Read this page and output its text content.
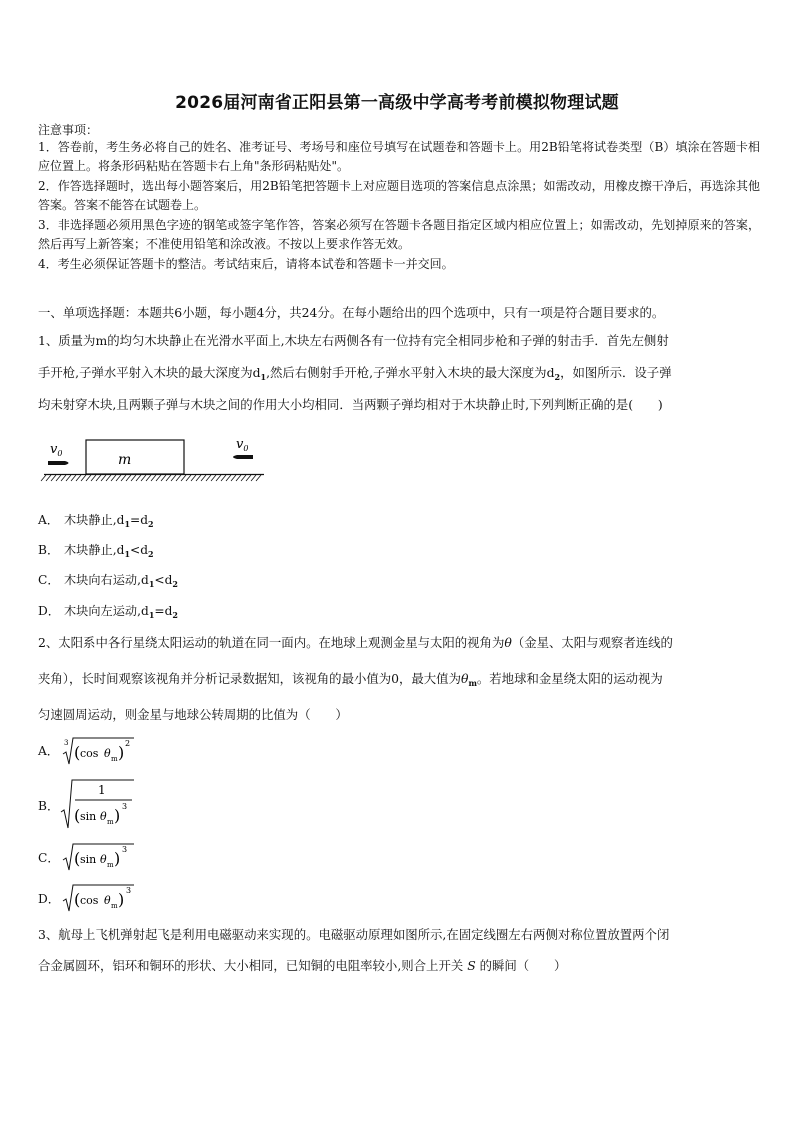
2026届河南省正阳县第一高级中学高考考前模拟物理试题
注意事项：
1．答卷前，考生务必将自己的姓名、准考证号、考场号和座位号填写在试题卷和答题卡上。用2B铅笔将试卷类型（B）填涂在答题卡相应位置上。将条形码粘贴在答题卡右上角"条形码粘贴处"。
2．作答选择题时，选出每小题答案后，用2B铅笔把答题卡上对应题目选项的答案信息点涂黑；如需改动，用橡皮擦干净后，再选涂其他答案。答案不能答在试题卷上。
3．非选择题必须用黑色字迹的钢笔或签字笔作答，答案必须写在答题卡各题目指定区域内相应位置上；如需改动，先划掉原来的答案，然后再写上新答案；不准使用铅笔和涂改液。不按以上要求作答无效。
4．考生必须保证答题卡的整洁。考试结束后，请将本试卷和答题卡一并交回。
一、单项选择题：本题共6小题，每小题4分，共24分。在每小题给出的四个选项中，只有一项是符合题目要求的。
1、质量为m的均匀木块静止在光滑水平面上,木块左右两侧各有一位持有完全相同步枪和子弹的射击手．首先左侧射
手开枪,子弹水平射入木块的最大深度为$d_1$,然后右侧射手开枪,子弹水平射入木块的最大深度为$d_2$，如图所示．设子弹
均未射穿木块,且两颗子弹与木块之间的作用大小均相同．当两颗子弹均相对于木块静止时,下列判断正确的是(　　)
$v_0$	m
$v_0$
A． 木块静止$,d_1=d_2$
B． 木块静止$,d_1<d_2$
C． 木块向右运动$,d_1<d_2$
D． 木块向左运动$,d_1=d_2$
2、太阳系中各行星绕太阳运动的轨道在同一面内。在地球上观测金星与太阳的视角为θ（金星、太阳与观察者连线的
夹角），长时间观察该视角并分析记录数据知，该视角的最小值为0，最大值为$\theta_m$。若地球和金星绕太阳的运动视为
匀速圆周运动，则金星与地球公转周期的比值为（　　）
A．
3 ( cos θ m ) 2
B．
1
( sin θ m ) 3
C． ( sin θ m ) 3
D． ( cos θ m ) 3
3、航母上飞机弹射起飞是利用电磁驱动来实现的。电磁驱动原理如图所示,在固定线圈左右两侧对称位置放置两个闭
合金属圆环，铝环和铜环的形状、大小相同，已知铜的电阻率较小,则合上开关 S 的瞬间（　　）
